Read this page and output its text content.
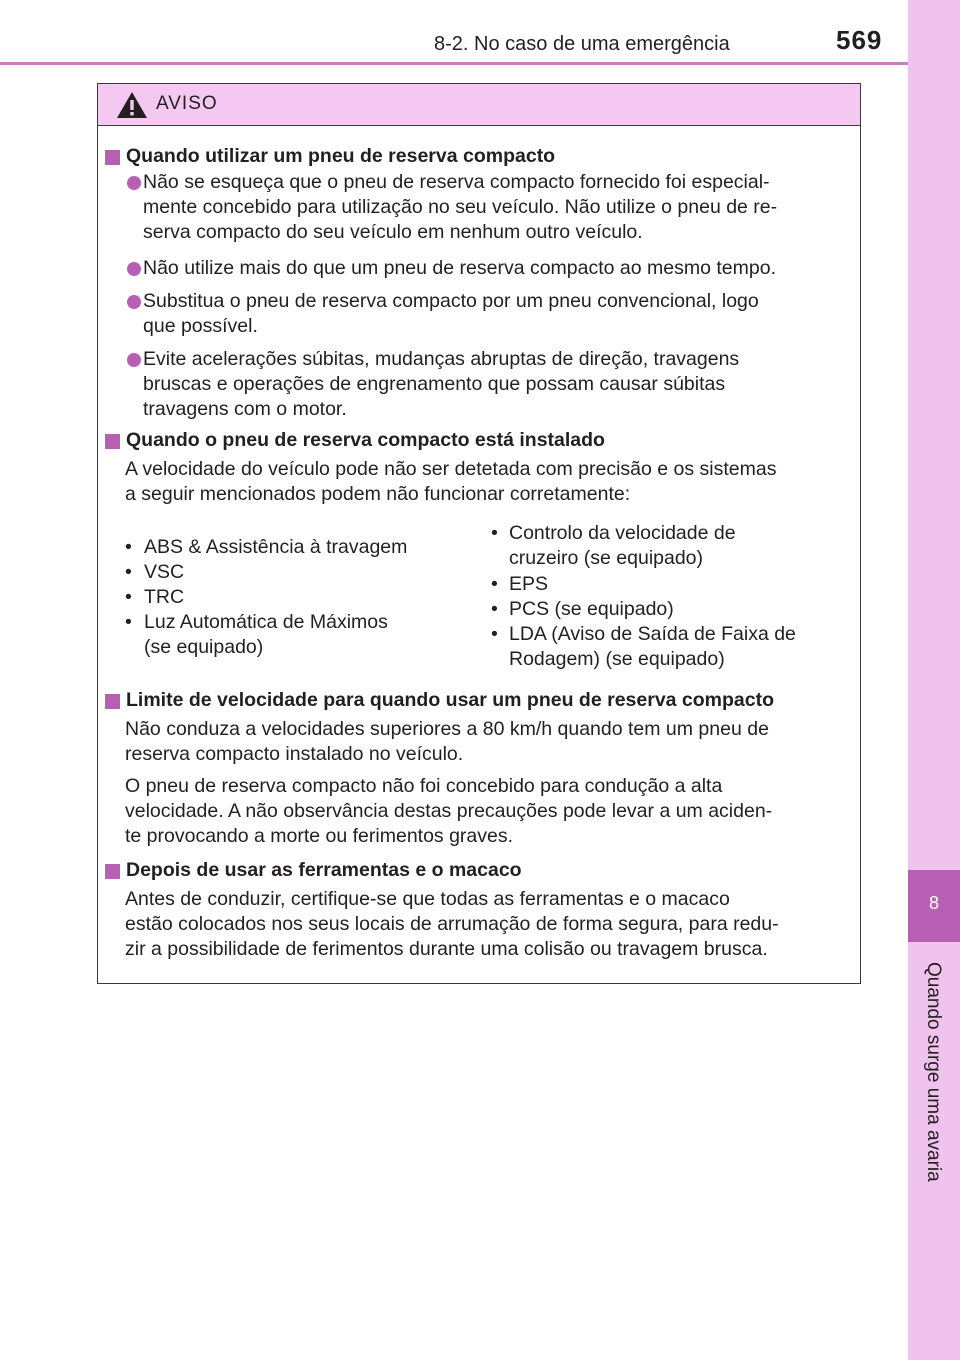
8-2. No caso de uma emergência	569
8
Quando surge uma avaria
AVISO
Quando utilizar um pneu de reserva compacto
Não se esqueça que o pneu de reserva compacto fornecido foi especial-
mente concebido para utilização no seu veículo. Não utilize o pneu de re-
serva compacto do seu veículo em nenhum outro veículo.
Não utilize mais do que um pneu de reserva compacto ao mesmo tempo.
Substitua o pneu de reserva compacto por um pneu convencional, logo
que possível.
Evite acelerações súbitas, mudanças abruptas de direção, travagens
bruscas e operações de engrenamento que possam causar súbitas
travagens com o motor.
Quando o pneu de reserva compacto está instalado
A velocidade do veículo pode não ser detetada com precisão e os sistemas
a seguir mencionados podem não funcionar corretamente:
• ABS & Assistência à travagem
• VSC
• TRC
• Luz Automática de Máximos
(se equipado)
• Controlo da velocidade de
cruzeiro (se equipado)
• EPS
• PCS (se equipado)
• LDA (Aviso de Saída de Faixa de
Rodagem) (se equipado)
Limite de velocidade para quando usar um pneu de reserva compacto
Não conduza a velocidades superiores a 80 km/h quando tem um pneu de
reserva compacto instalado no veículo.
O pneu de reserva compacto não foi concebido para condução a alta
velocidade. A não observância destas precauções pode levar a um aciden-
te provocando a morte ou ferimentos graves.
Depois de usar as ferramentas e o macaco
Antes de conduzir, certifique-se que todas as ferramentas e o macaco
estão colocados nos seus locais de arrumação de forma segura, para redu-
zir a possibilidade de ferimentos durante uma colisão ou travagem brusca.
